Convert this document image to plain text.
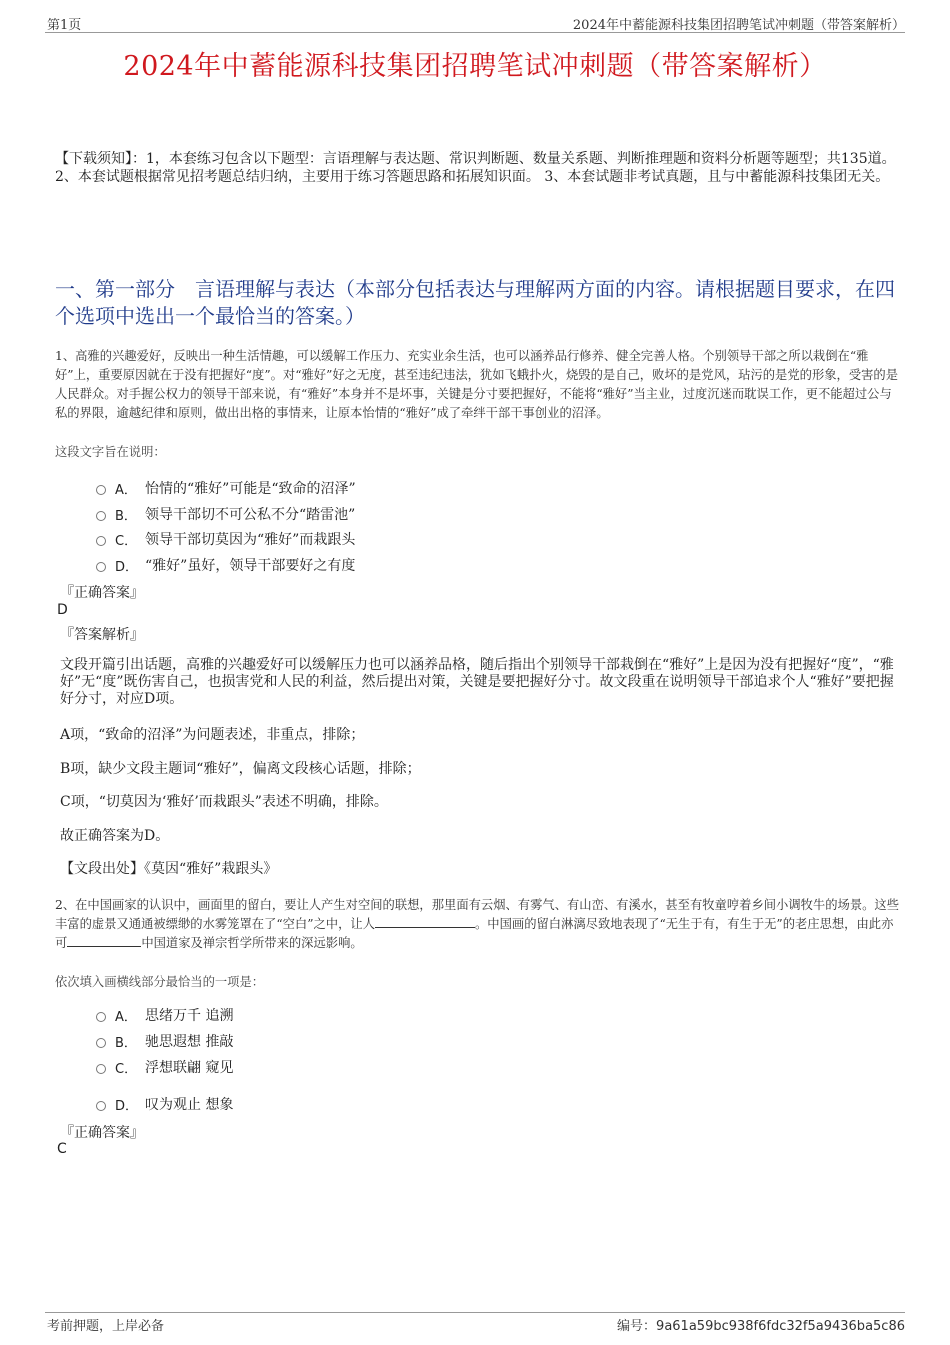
第1页	2024年中蓄能源科技集团招聘笔试冲刺题（带答案解析）
2024年中蓄能源科技集团招聘笔试冲刺题（带答案解析）
【下载须知】：1，本套练习包含以下题型：言语理解与表达题、常识判断题、数量关系题、判断推理题和资料分析题等题型；共135道。 2、本套试题根据常见招考题总结归纳，主要用于练习答题思路和拓展知识面。 3、本套试题非考试真题，且与中蓄能源科技集团无关。
一、第一部分　言语理解与表达（本部分包括表达与理解两方面的内容。请根据题目要求，在四个选项中选出一个最恰当的答案。）
1、高雅的兴趣爱好，反映出一种生活情趣，可以缓解工作压力、充实业余生活，也可以涵养品行修养、健全完善人格。个别领导干部之所以栽倒在“雅好”上，重要原因就在于没有把握好“度”。对“雅好”好之无度，甚至违纪违法，犹如飞蛾扑火，烧毁的是自己，败坏的是党风，玷污的是党的形象，受害的是人民群众。对手握公权力的领导干部来说，有“雅好”本身并不是坏事，关键是分寸要把握好，不能将“雅好”当主业，过度沉迷而耽误工作，更不能超过公与私的界限，逾越纪律和原则，做出出格的事情来，让原本怡情的“雅好”成了牵绊干部干事创业的沼泽。
这段文字旨在说明：
A． 怡情的“雅好”可能是“致命的沼泽”
B． 领导干部切不可公私不分“踏雷池”
C． 领导干部切莫因为“雅好”而栽跟头
D． “雅好”虽好，领导干部要好之有度
『正确答案』
D
『答案解析』
文段开篇引出话题，高雅的兴趣爱好可以缓解压力也可以涵养品格，随后指出个别领导干部栽倒在“雅好”上是因为没有把握好“度”，“雅好”无“度”既伤害自己，也损害党和人民的利益，然后提出对策，关键是要把握好分寸。故文段重在说明领导干部追求个人“雅好”要把握好分寸，对应D项。
A项，“致命的沼泽”为问题表述，非重点，排除；
B项，缺少文段主题词“雅好”，偏离文段核心话题，排除；
C项，“切莫因为‘雅好’而栽跟头”表述不明确，排除。
故正确答案为D。
【文段出处】《莫因“雅好”栽跟头》
2、在中国画家的认识中，画面里的留白，要让人产生对空间的联想，那里面有云烟、有雾气、有山峦、有溪水，甚至有牧童哼着乡间小调牧牛的场景。这些丰富的虚景又通通被缥缈的水雾笼罩在了“空白”之中，让人	。中国画的留白淋漓尽致地表现了“无生于有，有生于无”的老庄思想，由此亦可	中国道家及禅宗哲学所带来的深远影响。
依次填入画横线部分最恰当的一项是：
A． 思绪万千 追溯
B． 驰思遐想 推敲
C． 浮想联翩 窥见
D． 叹为观止 想象
『正确答案』
C
考前押题，上岸必备	编号：9a61a59bc938f6fdc32f5a9436ba5c86
